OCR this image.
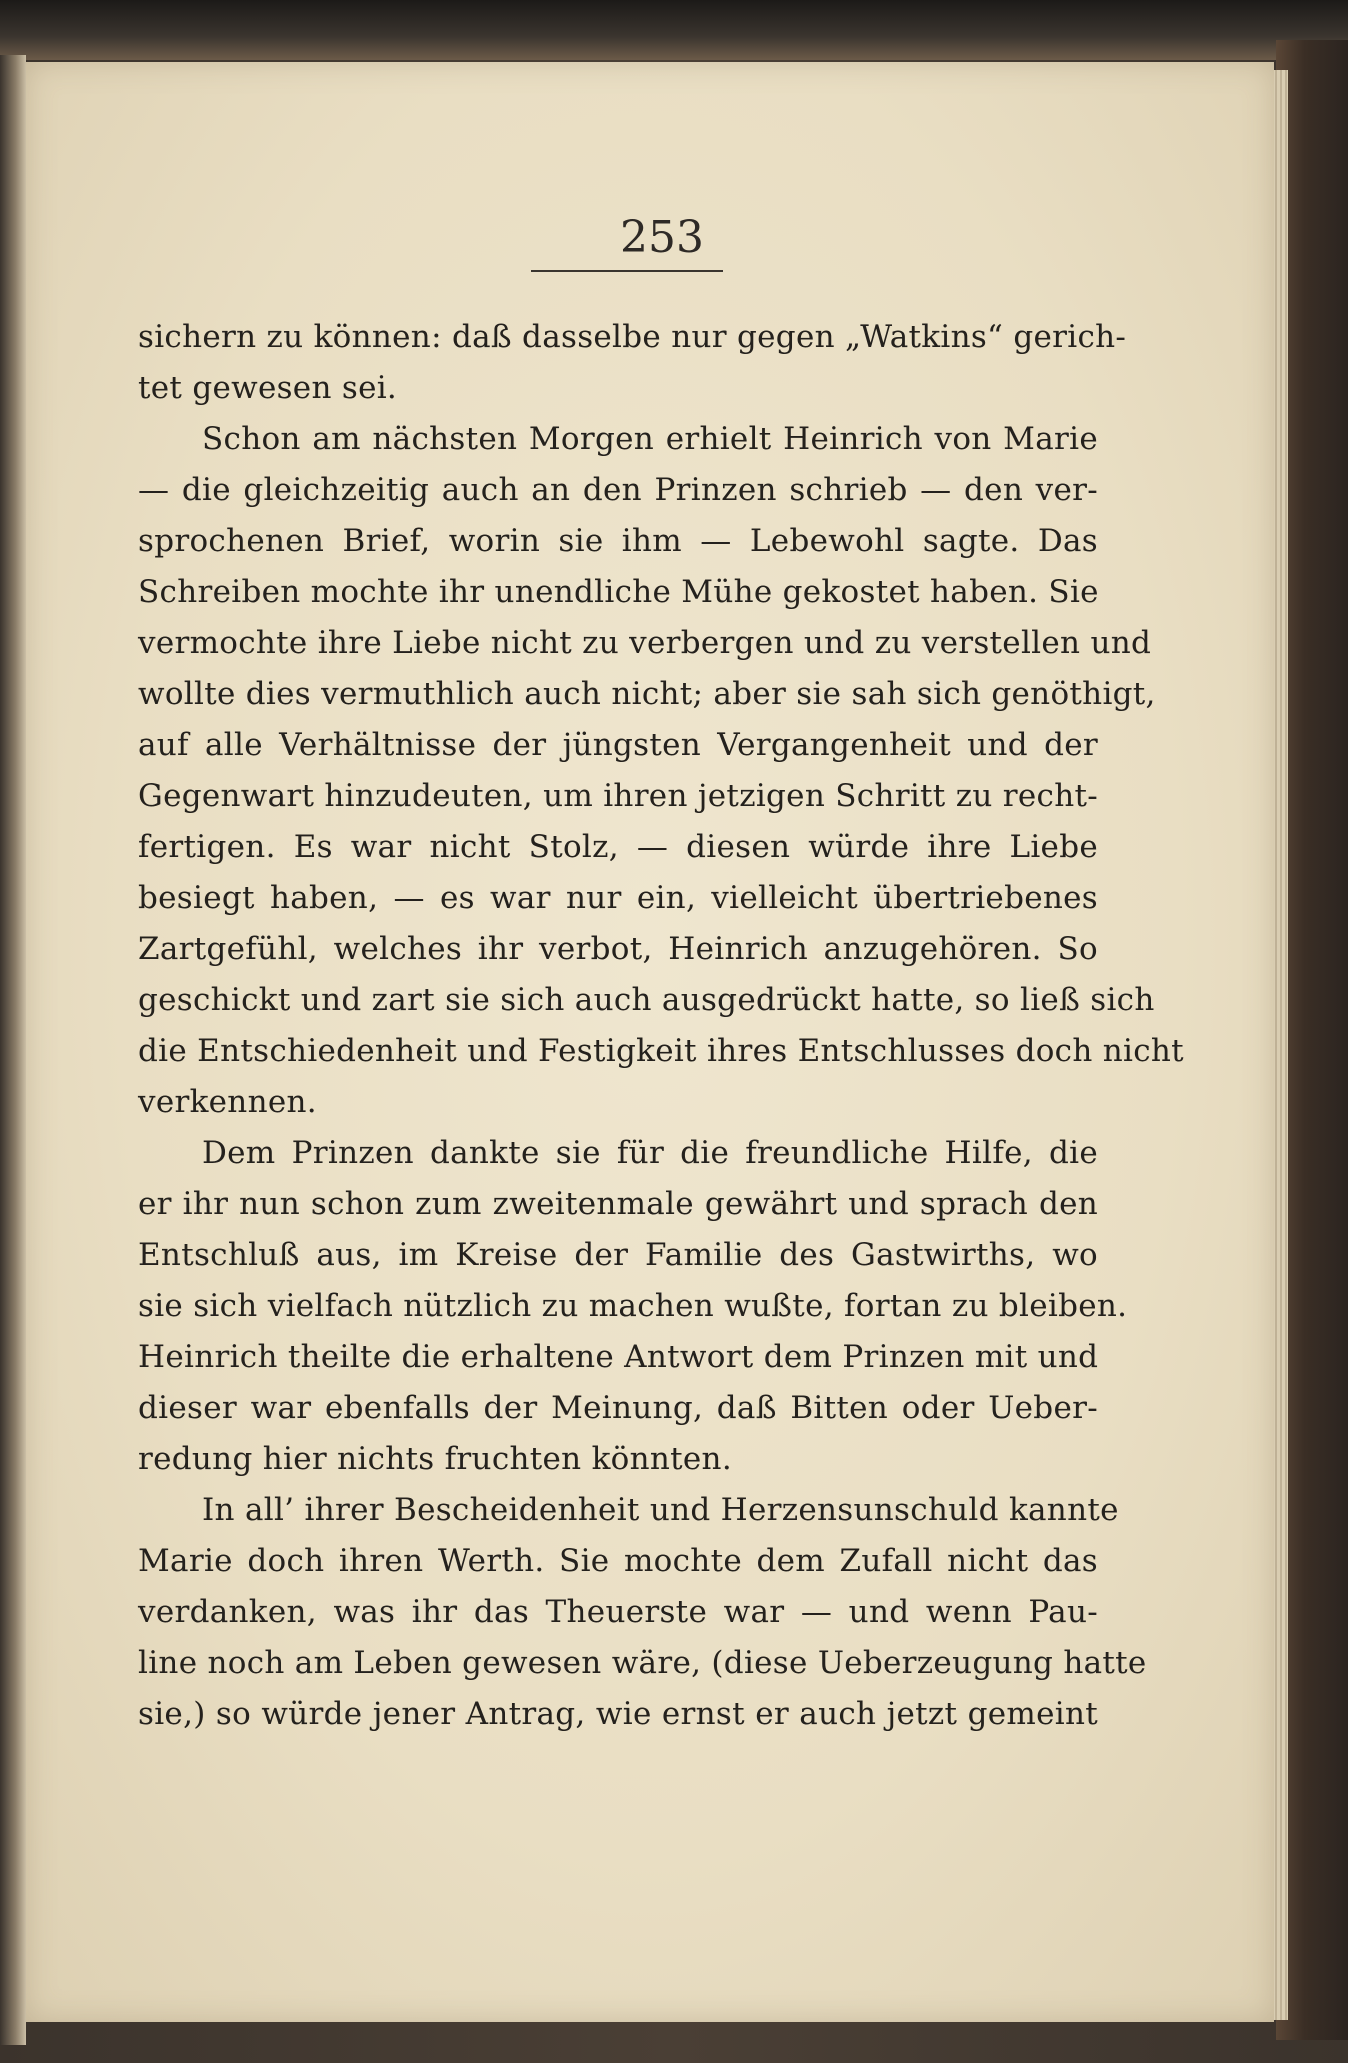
253
sichern zu können: daß dasselbe nur gegen „Watkins“ gerich-
tet gewesen sei.
Schon am nächsten Morgen erhielt Heinrich von Marie
— die gleichzeitig auch an den Prinzen schrieb — den ver-
sprochenen Brief, worin sie ihm — Lebewohl sagte. Das
Schreiben mochte ihr unendliche Mühe gekostet haben. Sie
vermochte ihre Liebe nicht zu verbergen und zu verstellen und
wollte dies vermuthlich auch nicht; aber sie sah sich genöthigt,
auf alle Verhältnisse der jüngsten Vergangenheit und der
Gegenwart hinzudeuten, um ihren jetzigen Schritt zu recht-
fertigen. Es war nicht Stolz, — diesen würde ihre Liebe
besiegt haben, — es war nur ein, vielleicht übertriebenes
Zartgefühl, welches ihr verbot, Heinrich anzugehören. So
geschickt und zart sie sich auch ausgedrückt hatte, so ließ sich
die Entschiedenheit und Festigkeit ihres Entschlusses doch nicht
verkennen.
Dem Prinzen dankte sie für die freundliche Hilfe, die
er ihr nun schon zum zweitenmale gewährt und sprach den
Entschluß aus, im Kreise der Familie des Gastwirths, wo
sie sich vielfach nützlich zu machen wußte, fortan zu bleiben.
Heinrich theilte die erhaltene Antwort dem Prinzen mit und
dieser war ebenfalls der Meinung, daß Bitten oder Ueber-
redung hier nichts fruchten könnten.
In all’ ihrer Bescheidenheit und Herzensunschuld kannte
Marie doch ihren Werth. Sie mochte dem Zufall nicht das
verdanken, was ihr das Theuerste war — und wenn Pau-
line noch am Leben gewesen wäre, (diese Ueberzeugung hatte
sie,) so würde jener Antrag, wie ernst er auch jetzt gemeint
